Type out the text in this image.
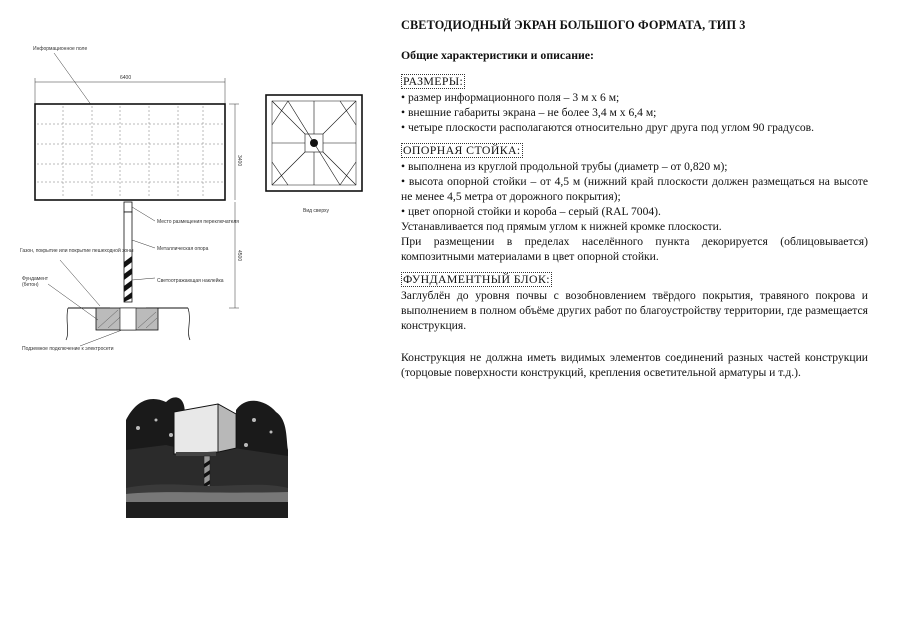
Информационное поле
6400
3400
4500
Место размещения переключателя
Металлическая опора
Светоотражающая наклейка
Газон, покрытие или покрытие пешеходной зоны
Фундамент
(бетон)
Подземное подключение к электросети
Вид сверху
СВЕТОДИОДНЫЙ ЭКРАН БОЛЬШОГО ФОРМАТА, ТИП 3
Общие характеристики и описание:
РАЗМЕРЫ:
• размер информационного поля – 3 м х 6 м;
• внешние габариты экрана – не более 3,4 м х 6,4 м;
• четыре плоскости располагаются относительно друг друга под углом 90 градусов.
ОПОРНАЯ СТОЙКА:
• выполнена из круглой продольной трубы (диаметр – от 0,820 м);
• высота опорной стойки – от 4,5 м (нижний край плоскости должен размещаться на высоте не менее 4,5 метра от дорожного покрытия);
• цвет опорной стойки и короба – серый (RAL 7004).
Устанавливается под прямым углом к нижней кромке плоскости.
При размещении в пределах населённого пункта декорируется (облицовывается) композитными материалами в цвет опорной стойки.
ФУНДАМЕНТНЫЙ БЛОК:
Заглублён до уровня почвы с возобновлением твёрдого покрытия, травяного покрова и выполнением в полном объёме других работ по благоустройству территории, где размещается конструкция.
Конструкция не должна иметь видимых элементов соединений разных частей конструкции (торцовые поверхности конструкций, крепления осветительной арматуры и т.д.).
